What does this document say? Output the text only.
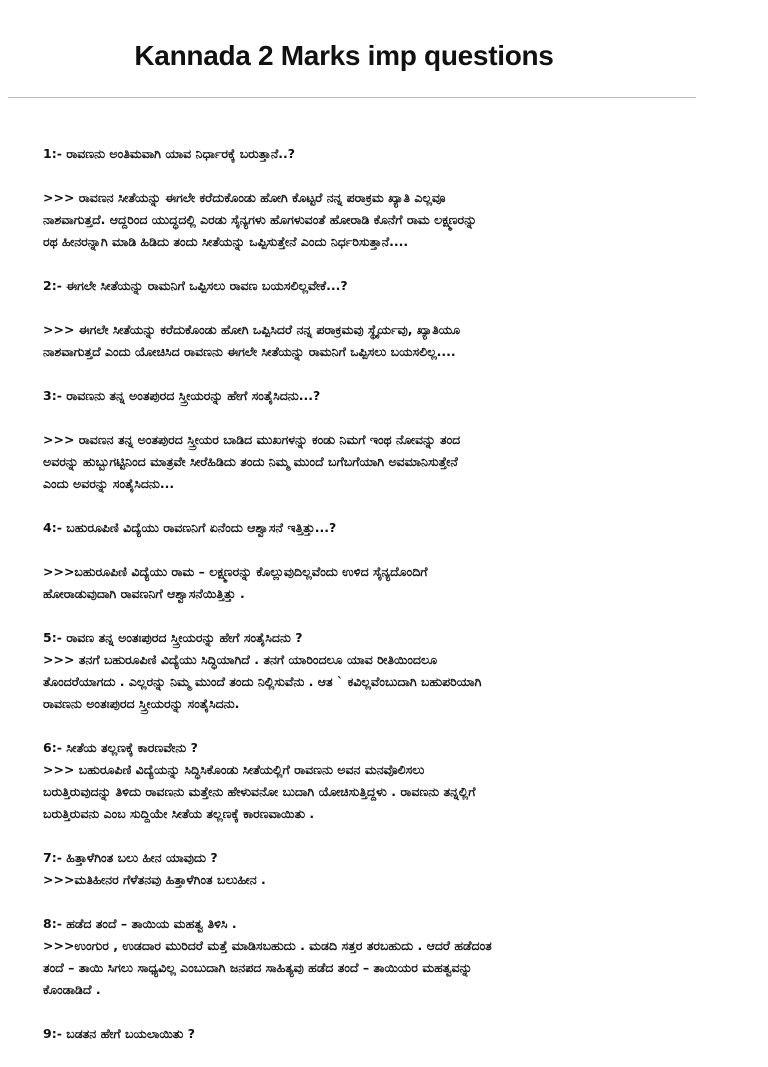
Kannada 2 Marks imp questions

1:- ರಾವಣನು ಅಂತಿಮವಾಗಿ ಯಾವ ನಿರ್ಧಾರಕ್ಕೆ ಬರುತ್ತಾನೆ..?

>>> ರಾವಣನ ಸೀತೆಯನ್ನು ಈಗಲೇ ಕರೆದುಕೊಂಡು ಹೋಗಿ ಕೊಟ್ಟರೆ ನನ್ನ ಪರಾಕ್ರಮ ಖ್ಯಾತಿ ಎಲ್ಲವೂ

ನಾಶವಾಗುತ್ತದೆ. ಆದ್ದರಿಂದ ಯುದ್ಧದಲ್ಲಿ ಎರಡು ಸೈನ್ಯಗಳು ಹೊಗಳುವಂತೆ ಹೋರಾಡಿ ಕೊನೆಗೆ ರಾಮ ಲಕ್ಷ್ಮಣರನ್ನು

ರಥ ಹೀನರನ್ನಾಗಿ ಮಾಡಿ ಹಿಡಿದು ತಂದು ಸೀತೆಯನ್ನು ಒಪ್ಪಿಸುತ್ತೇನೆ ಎಂದು ನಿರ್ಧರಿಸುತ್ತಾನೆ....

2:- ಈಗಲೇ ಸೀತೆಯನ್ನು ರಾಮನಿಗೆ ಒಪ್ಪಿಸಲು ರಾವಣ ಬಯಸಲಿಲ್ಲವೇಕೆ...?

>>> ಈಗಲೇ ಸೀತೆಯನ್ನು ಕರೆದುಕೊಂಡು ಹೋಗಿ ಒಪ್ಪಿಸಿದರೆ ನನ್ನ ಪರಾಕ್ರಮವು ಸ್ಥೈರ್ಯವು, ಖ್ಯಾತಿಯೂ

ನಾಶವಾಗುತ್ತದೆ ಎಂದು ಯೋಚಿಸಿದ ರಾವಣನು ಈಗಲೇ ಸೀತೆಯನ್ನು ರಾಮನಿಗೆ ಒಪ್ಪಿಸಲು ಬಯಸಲಿಲ್ಲ....

3:- ರಾವಣನು ತನ್ನ ಅಂತಪುರದ ಸ್ತ್ರೀಯರನ್ನು ಹೇಗೆ ಸಂತೈಸಿದನು...?

>>> ರಾವಣನ ತನ್ನ ಅಂತಪುರದ ಸ್ತ್ರೀಯರ ಬಾಡಿದ ಮುಖಗಳನ್ನು ಕಂಡು ನಿಮಗೆ ಇಂಥ ನೋವನ್ನು ತಂದ

ಅವರನ್ನು ಹುಬ್ಬುಗಟ್ಟಿನಿಂದ ಮಾತ್ರವೇ ಸೀರೆಹಿಡಿದು ತಂದು ನಿಮ್ಮ ಮುಂದೆ ಬಗೆಬಗೆಯಾಗಿ ಅವಮಾನಿಸುತ್ತೇನೆ

ಎಂದು ಅವರನ್ನು ಸಂತೈಸಿದನು...

4:- ಬಹುರೂಪಿಣಿ ವಿದ್ಯೆಯು ರಾವಣನಿಗೆ ಏನೆಂದು ಆಶ್ವಾಸನೆ ಇತ್ತಿತ್ತು...?

>>>ಬಹುರೂಪಿಣಿ ವಿದ್ಯೆಯು ರಾಮ – ಲಕ್ಷ್ಮಣರನ್ನು ಕೊಲ್ಲುವುದಿಲ್ಲವೆಂದು ಉಳಿದ ಸೈನ್ಯದೊಂದಿಗೆ

ಹೋರಾಡುವುದಾಗಿ ರಾವಣನಿಗೆ ಆಶ್ವಾಸನೆಯಿತ್ತಿತ್ತು .

5:- ರಾವಣ ತನ್ನ ಅಂತಃಪುರದ ಸ್ತ್ರೀಯರನ್ನು ಹೇಗೆ ಸಂತೈಸಿದನು ?

>>> ತನಗೆ ಬಹುರೂಪಿಣಿ ವಿದ್ಯೆಯು ಸಿದ್ಧಿಯಾಗಿದೆ . ತನಗೆ ಯಾರಿಂದಲೂ ಯಾವ ರೀತಿಯಿಂದಲೂ

ತೊಂದರೆಯಾಗದು . ಎಲ್ಲರನ್ನು ನಿಮ್ಮ ಮುಂದೆ ತಂದು ನಿಲ್ಲಿಸುವೆನು . ಆತ ` ಕವಿಲ್ಲವೆಂಬುದಾಗಿ ಬಹುಪರಿಯಾಗಿ

ರಾವಣನು ಅಂತಃಪುರದ ಸ್ತ್ರೀಯರನ್ನು ಸಂತೈಸಿದನು.

6:- ಸೀತೆಯ ತಲ್ಲಣಕ್ಕೆ ಕಾರಣವೇನು ?

>>> ಬಹುರೂಪಿಣಿ ವಿದ್ಯೆಯನ್ನು ಸಿದ್ಧಿಸಿಕೊಂಡು ಸೀತೆಯಲ್ಲಿಗೆ ರಾವಣನು ಅವನ ಮನವೊಲಿಸಲು

ಬರುತ್ತಿರುವುದನ್ನು ತಿಳಿದು ರಾವಣನು ಮತ್ತೇನು ಹೇಳುವನೋ ಬುದಾಗಿ ಯೋಚಿಸುತ್ತಿದ್ದಳು . ರಾವಣನು ತನ್ನಲ್ಲಿಗೆ

ಬರುತ್ತಿರುವನು ಎಂಬ ಸುದ್ದಿಯೇ ಸೀತೆಯ ತಲ್ಲಣಕ್ಕೆ ಕಾರಣವಾಯಿತು .

7:- ಹಿತ್ತಾಳೆಗಿಂತ ಬಲು ಹೀನ ಯಾವುದು ?

>>>ಮತಿಹೀನರ ಗೆಳೆತನವು ಹಿತ್ತಾಳೆಗಿಂತ ಬಲುಹೀನ .

8:- ಹಡೆದ ತಂದೆ – ತಾಯಿಯ ಮಹತ್ವ ತಿಳಿಸಿ .

>>>ಉಂಗುರ , ಉಡದಾರ ಮುರಿದರೆ ಮತ್ತೆ ಮಾಡಿಸಬಹುದು . ಮಡದಿ ಸತ್ತರ ತರಬಹುದು . ಆದರೆ ಹಡೆದಂತ

ತಂದೆ – ತಾಯಿ ಸಿಗಲು ಸಾಧ್ಯವಿಲ್ಲ ಎಂಬುದಾಗಿ ಜನಪದ ಸಾಹಿತ್ಯವು ಹಡೆದ ತಂದೆ – ತಾಯಿಯರ ಮಹತ್ವವನ್ನು

ಕೊಂಡಾಡಿದೆ .

9:- ಬಡತನ ಹೇಗೆ ಬಯಲಾಯಿತು ?
